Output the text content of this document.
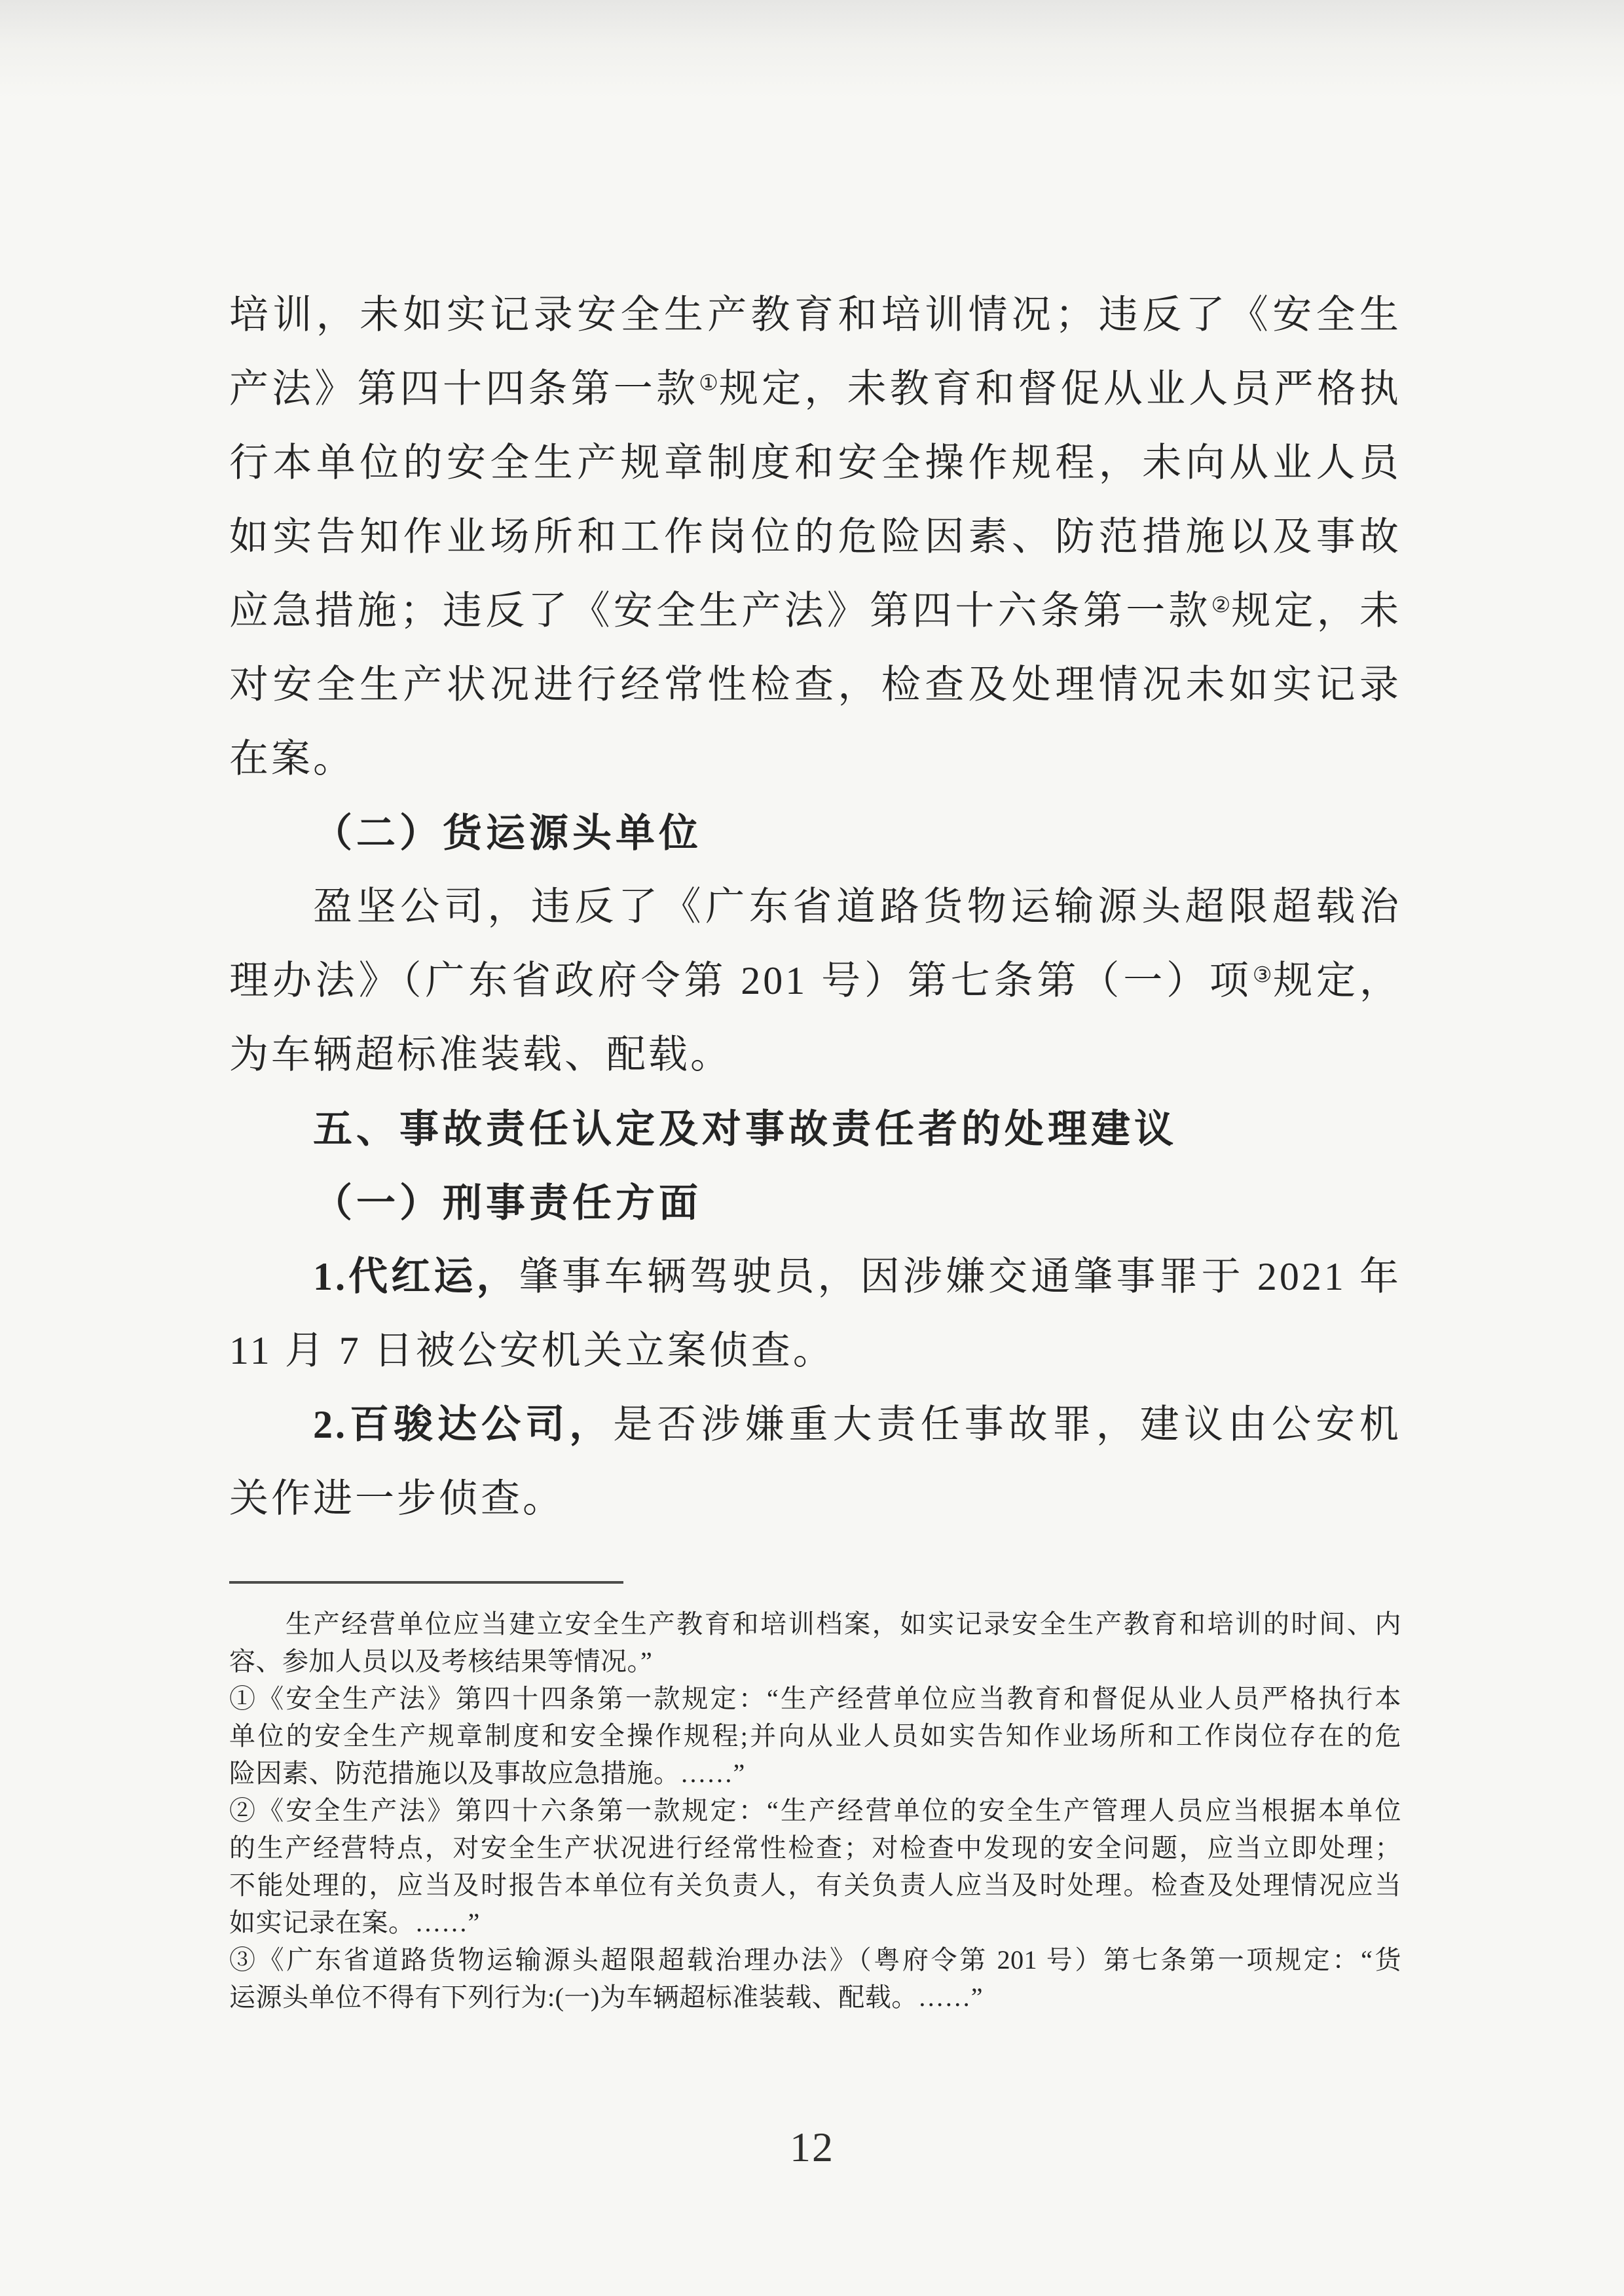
培训，未如实记录安全生产教育和培训情况；违反了《安全生
产法》第四十四条第一款①规定，未教育和督促从业人员严格执
行本单位的安全生产规章制度和安全操作规程，未向从业人员
如实告知作业场所和工作岗位的危险因素、防范措施以及事故
应急措施；违反了《安全生产法》第四十六条第一款②规定，未
对安全生产状况进行经常性检查，检查及处理情况未如实记录
在案。
（二）货运源头单位
盈坚公司，违反了《广东省道路货物运输源头超限超载治
理办法》（广东省政府令第 201 号）第七条第（一）项③规定，
为车辆超标准装载、配载。
五、事故责任认定及对事故责任者的处理建议
（一）刑事责任方面
1.代红运，肇事车辆驾驶员，因涉嫌交通肇事罪于 2021 年
11 月 7 日被公安机关立案侦查。
2.百骏达公司，是否涉嫌重大责任事故罪，建议由公安机
关作进一步侦查。
生产经营单位应当建立安全生产教育和培训档案，如实记录安全生产教育和培训的时间、内
容、参加人员以及考核结果等情况。”
①《安全生产法》第四十四条第一款规定：“生产经营单位应当教育和督促从业人员严格执行本
单位的安全生产规章制度和安全操作规程;并向从业人员如实告知作业场所和工作岗位存在的危
险因素、防范措施以及事故应急措施。……”
②《安全生产法》第四十六条第一款规定：“生产经营单位的安全生产管理人员应当根据本单位
的生产经营特点，对安全生产状况进行经常性检查；对检查中发现的安全问题，应当立即处理；
不能处理的，应当及时报告本单位有关负责人，有关负责人应当及时处理。检查及处理情况应当
如实记录在案。……”
③《广东省道路货物运输源头超限超载治理办法》（粤府令第 201 号）第七条第一项规定：“货
运源头单位不得有下列行为:(一)为车辆超标准装载、配载。……”
12
